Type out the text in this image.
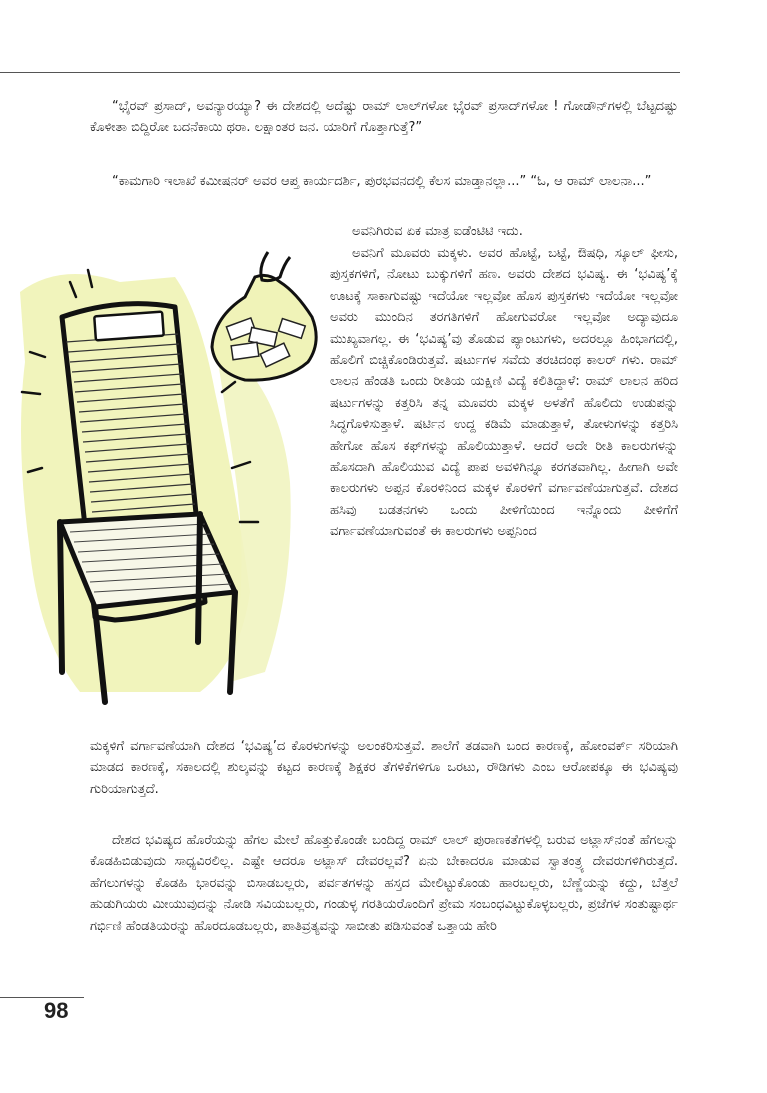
“ಭೈರವ್ ಪ್ರಸಾದ್, ಅವನ್ಯಾರಯ್ಯಾ? ಈ ದೇಶದಲ್ಲಿ ಅದೆಷ್ಟು ರಾಮ್ ಲಾಲ್‌ಗಳೋ ಭೈರವ್ ಪ್ರಸಾದ್‌ಗಳೋ ! ಗೋಡೌನ್‌ಗಳಲ್ಲಿ ಬೆಟ್ಟದಷ್ಟು ಕೊಳೀತಾ ಬಿದ್ದಿರೋ ಬದನೆಕಾಯಿ ಥರಾ. ಲಕ್ಷಾಂತರ ಜನ. ಯಾರಿಗೆ ಗೊತ್ತಾಗುತ್ತೆ?”

“ಕಾಮಗಾರಿ ಇಲಾಖೆ ಕಮೀಷನರ್ ಅವರ ಆಪ್ತ ಕಾರ್ಯದರ್ಶಿ, ಪುರಭವನದಲ್ಲಿ ಕೆಲಸ ಮಾಡ್ತಾನಲ್ಲಾ...” “ಓ, ಆ ರಾಮ್ ಲಾಲನಾ...”

ಅವನಿಗಿರುವ ಏಕ ಮಾತ್ರ ಐಡೆಂಟಿಟಿ ಇದು.

ಅವನಿಗೆ ಮೂವರು ಮಕ್ಕಳು. ಅವರ ಹೊಟ್ಟೆ, ಬಟ್ಟೆ, ಔಷಧಿ, ಸ್ಕೂಲ್ ಫೀಸು, ಪುಸ್ತಕಗಳಿಗೆ, ನೋಟು ಬುಕ್ಕುಗಳಿಗೆ ಹಣ. ಅವರು ದೇಶದ ಭವಿಷ್ಯ. ಈ ‘ಭವಿಷ್ಯ’ಕ್ಕೆ ಊಟಕ್ಕೆ ಸಾಕಾಗುವಷ್ಟು ಇದೆಯೋ ಇಲ್ಲವೋ ಹೊಸ ಪುಸ್ತಕಗಳು ಇದೆಯೋ ಇಲ್ಲವೋ ಅವರು ಮುಂದಿನ ತರಗತಿಗಳಿಗೆ ಹೋಗುವರೋ ಇಲ್ಲವೋ ಅದ್ಯಾವುದೂ ಮುಖ್ಯವಾಗಲ್ಲ. ಈ ‘ಭವಿಷ್ಯ’ವು ತೊಡುವ ಪ್ಯಾಂಟುಗಳು, ಅದರಲ್ಲೂ ಹಿಂಭಾಗದಲ್ಲಿ, ಹೊಲಿಗೆ ಬಿಚ್ಚಿಕೊಂಡಿರುತ್ತವೆ. ಷರ್ಟುಗಳ ಸವೆದು ತರಚಿದಂಥ ಕಾಲರ್ ಗಳು. ರಾಮ್ ಲಾಲನ ಹೆಂಡತಿ ಒಂದು ರೀತಿಯ ಯಕ್ಷಿಣಿ ವಿದ್ಯೆ ಕಲಿತಿದ್ದಾಳೆ: ರಾಮ್ ಲಾಲನ ಹರಿದ ಷರ್ಟುಗಳನ್ನು ಕತ್ತರಿಸಿ ತನ್ನ ಮೂವರು ಮಕ್ಕಳ ಅಳತೆಗೆ ಹೊಲಿದು ಉಡುಪನ್ನು ಸಿದ್ಧಗೊಳಿಸುತ್ತಾಳೆ. ಷರ್ಟಿನ ಉದ್ದ ಕಡಿಮೆ ಮಾಡುತ್ತಾಳೆ, ತೋಳುಗಳನ್ನು ಕತ್ತರಿಸಿ ಹೇಗೋ ಹೊಸ ಕಫ್‌ಗಳನ್ನು ಹೊಲಿಯುತ್ತಾಳೆ. ಆದರೆ ಅದೇ ರೀತಿ ಕಾಲರುಗಳನ್ನು ಹೊಸದಾಗಿ ಹೊಲಿಯುವ ವಿದ್ಯೆ ಪಾಪ ಅವಳಿಗಿನ್ನೂ ಕರಗತವಾಗಿಲ್ಲ. ಹೀಗಾಗಿ ಅವೇ ಕಾಲರುಗಳು ಅಪ್ಪನ ಕೊರಳಿನಿಂದ ಮಕ್ಕಳ ಕೊರಳಿಗೆ ವರ್ಗಾವಣೆಯಾಗುತ್ತವೆ. ದೇಶದ ಹಸಿವು ಬಡತನಗಳು ಒಂದು ಪೀಳಿಗೆಯಿಂದ ಇನ್ನೊಂದು ಪೀಳಿಗೆಗೆ ವರ್ಗಾವಣೆಯಾಗುವಂತೆ ಈ ಕಾಲರುಗಳು ಅಪ್ಪನಿಂದ

ಮಕ್ಕಳಿಗೆ ವರ್ಗಾವಣೆಯಾಗಿ ದೇಶದ ‘ಭವಿಷ್ಯ’ದ ಕೊರಳುಗಳನ್ನು ಅಲಂಕರಿಸುತ್ತವೆ. ಶಾಲೆಗೆ ತಡವಾಗಿ ಬಂದ ಕಾರಣಕ್ಕೆ, ಹೋಂವರ್ಕ್ ಸರಿಯಾಗಿ ಮಾಡದ ಕಾರಣಕ್ಕೆ, ಸಕಾಲದಲ್ಲಿ ಶುಲ್ಕವನ್ನು ಕಟ್ಟದ ಕಾರಣಕ್ಕೆ ಶಿಕ್ಷಕರ ತೆಗಳಿಕೆಗಳಿಗೂ ಒರಟು, ರೌಡಿಗಳು ಎಂಬ ಆರೋಪಕ್ಕೂ ಈ ಭವಿಷ್ಯವು ಗುರಿಯಾಗುತ್ತದೆ.

ದೇಶದ ಭವಿಷ್ಯದ ಹೊರೆಯನ್ನು ಹೆಗಲ ಮೇಲೆ ಹೊತ್ತುಕೊಂಡೇ ಬಂದಿದ್ದ ರಾಮ್ ಲಾಲ್ ಪುರಾಣಕತೆಗಳಲ್ಲಿ ಬರುವ ಅಟ್ಲಾಸ್‌ನಂತೆ ಹೆಗಲನ್ನು ಕೊಡಹಿಬಿಡುವುದು ಸಾಧ್ಯವಿರಲಿಲ್ಲ. ಎಷ್ಟೇ ಆದರೂ ಅಟ್ಲಾಸ್ ದೇವರಲ್ಲವೆ? ಏನು ಬೇಕಾದರೂ ಮಾಡುವ ಸ್ವಾತಂತ್ರ್ಯ ದೇವರುಗಳಿಗಿರುತ್ತದೆ. ಹೆಗಲುಗಳನ್ನು ಕೊಡಹಿ ಭಾರವನ್ನು ಬಿಸಾಡಬಲ್ಲರು, ಪರ್ವತಗಳನ್ನು ಹಸ್ತದ ಮೇಲಿಟ್ಟುಕೊಂಡು ಹಾರಬಲ್ಲರು, ಬೆಣ್ಣೆಯನ್ನು ಕದ್ದು, ಬೆತ್ತಲೆ ಹುಡುಗಿಯರು ಮೀಯುವುದನ್ನು ನೋಡಿ ಸವಿಯಬಲ್ಲರು, ಗಂಡುಳ್ಳ ಗರತಿಯರೊಂದಿಗೆ ಪ್ರೇಮ ಸಂಬಂಧವಿಟ್ಟುಕೊಳ್ಳಬಲ್ಲರು, ಪ್ರಜೆಗಳ ಸಂತುಷ್ಟಾರ್ಥ ಗರ್ಭಿಣಿ ಹೆಂಡತಿಯರನ್ನು ಹೊರದೂಡಬಲ್ಲರು, ಪಾತಿವ್ರತ್ಯವನ್ನು ಸಾಬೀತು ಪಡಿಸುವಂತೆ ಒತ್ತಾಯ ಹೇರಿ

98
